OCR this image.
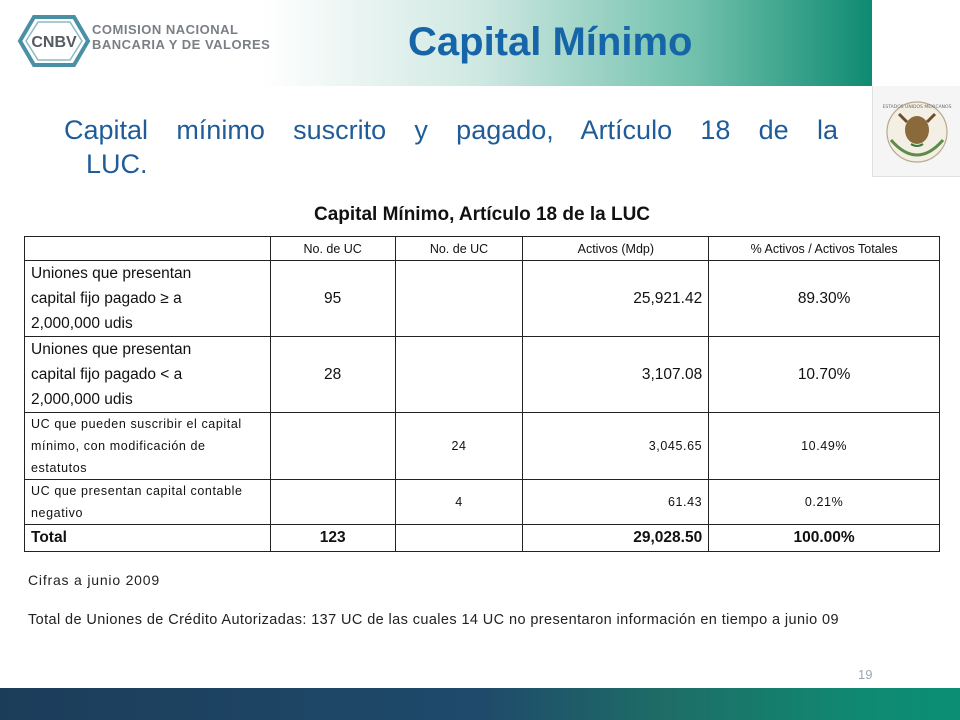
CNBV
COMISION NACIONAL
BANCARIA Y DE VALORES	Capital Mínimo
ESTADOS UNIDOS MEXICANOS
Capital mínimo suscrito y pagado, Artículo 18 de la
LUC.
Capital Mínimo, Artículo 18 de la LUC
	No. de UC	No. de UC	Activos (Mdp)	% Activos / Activos Totales

Uniones que presentan
capital fijo pagado ≥ a
2,000,000 udis	95		25,921.42	89.30%

Uniones que presentan
capital fijo pagado < a
2,000,000 udis	28		3,107.08	10.70%

UC que pueden suscribir el capital
mínimo, con modificación de
estatutos		24	3,045.65	10.49%

UC que presentan capital contable
negativo		4	61.43	0.21%
Total	123		29,028.50	100.00%
Cifras a junio 2009
Total de Uniones de Crédito Autorizadas: 137 UC de las cuales 14 UC no presentaron información en tiempo a junio 09
19
